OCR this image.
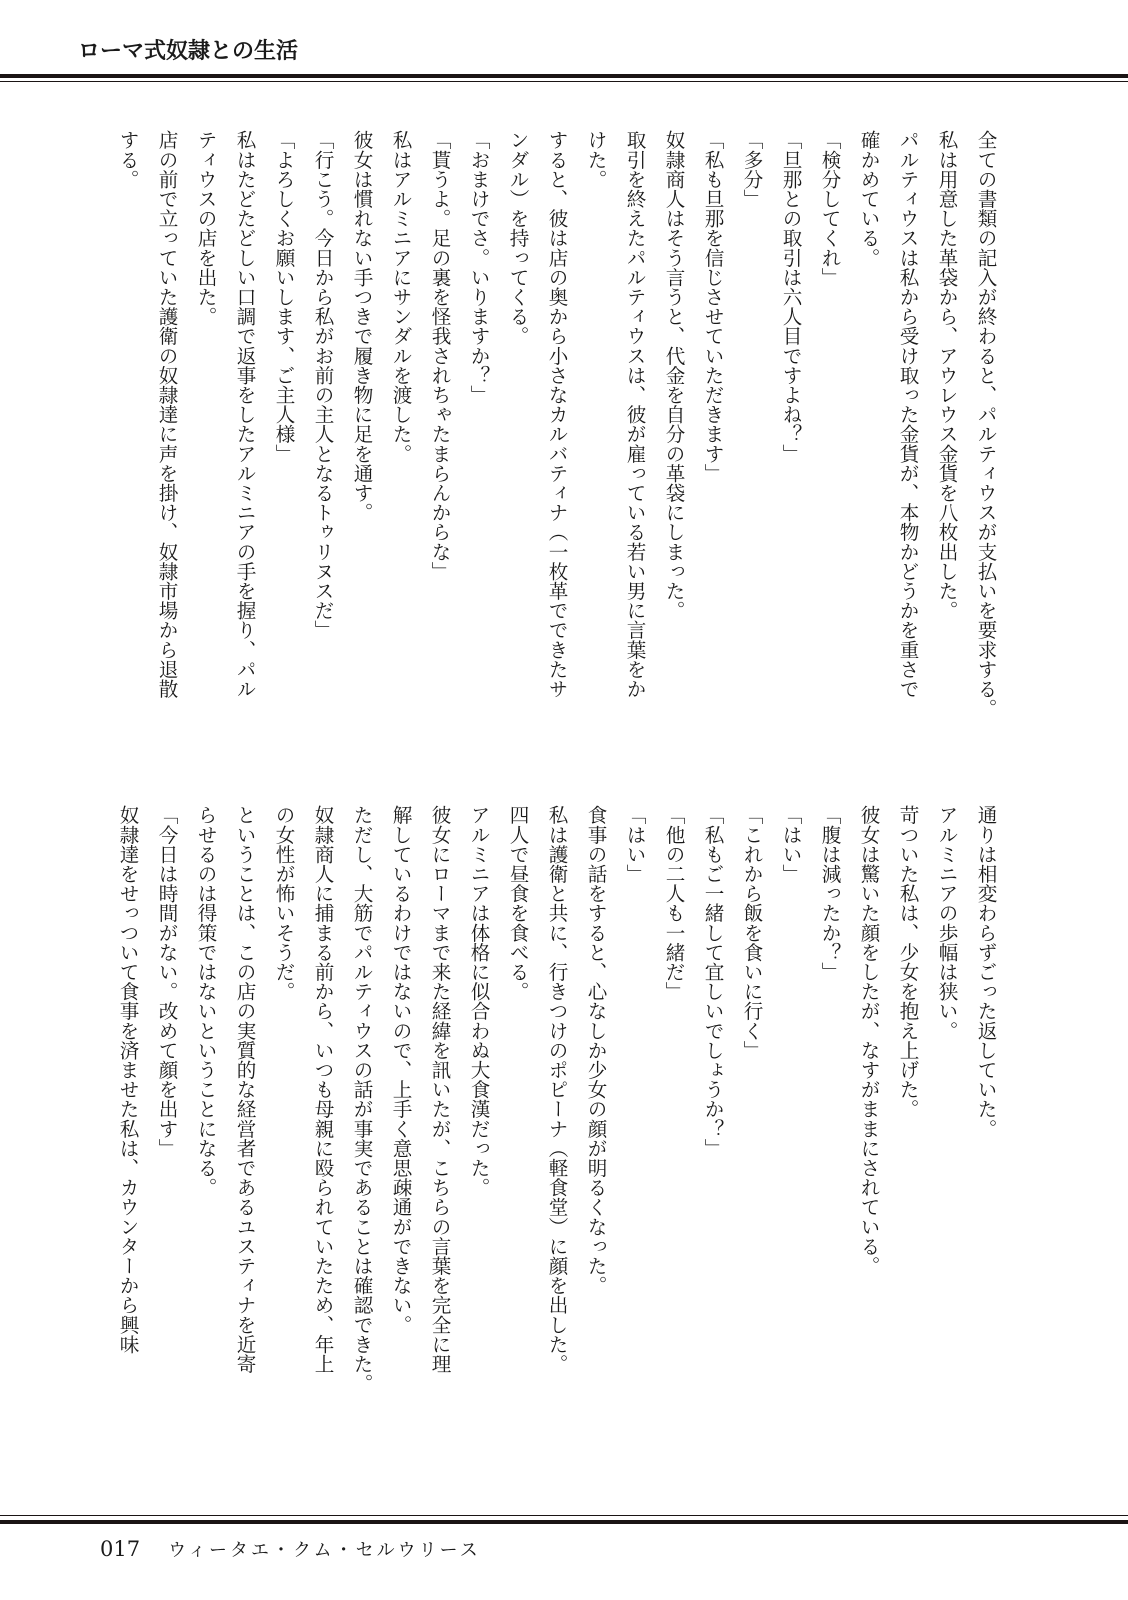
ローマ式奴隷との生活
全ての書類の記入が終わると、パルティウスが支払いを要求する。
私は用意した革袋から、アウレウス金貨を八枚出した。
パルティウスは私から受け取った金貨が、本物かどうかを重さで
確かめている。
「検分してくれ」
「旦那との取引は六人目ですよね？」
「多分」
「私も旦那を信じさせていただきます」
奴隷商人はそう言うと、代金を自分の革袋にしまった。
取引を終えたパルティウスは、彼が雇っている若い男に言葉をか
けた。
すると、彼は店の奥から小さなカルバティナ（一枚革でできたサ
ンダル）を持ってくる。
「おまけでさ。いりますか？」
「貰うよ。足の裏を怪我されちゃたまらんからな」
私はアルミニアにサンダルを渡した。
彼女は慣れない手つきで履き物に足を通す。
「行こう。今日から私がお前の主人となるトゥリヌスだ」
「よろしくお願いします、ご主人様」
私はたどたどしい口調で返事をしたアルミニアの手を握り、パル
ティウスの店を出た。
店の前で立っていた護衛の奴隷達に声を掛け、奴隷市場から退散
する。
通りは相変わらずごった返していた。
アルミニアの歩幅は狭い。
苛ついた私は、少女を抱え上げた。
彼女は驚いた顔をしたが、なすがままにされている。
「腹は減ったか？」
「はい」
「これから飯を食いに行く」
「私もご一緒して宜しいでしょうか？」
「他の二人も一緒だ」
「はい」
食事の話をすると、心なしか少女の顔が明るくなった。
私は護衛と共に、行きつけのポピーナ（軽食堂）に顔を出した。
四人で昼食を食べる。
アルミニアは体格に似合わぬ大食漢だった。
彼女にローマまで来た経緯を訊いたが、こちらの言葉を完全に理
解しているわけではないので、上手く意思疎通ができない。
ただし、大筋でパルティウスの話が事実であることは確認できた。
奴隷商人に捕まる前から、いつも母親に殴られていたため、年上
の女性が怖いそうだ。
ということは、この店の実質的な経営者であるユスティナを近寄
らせるのは得策ではないということになる。
「今日は時間がない。改めて顔を出す」
奴隷達をせっついて食事を済ませた私は、カウンターから興味
017 ウィータエ・クム・セルウリース
